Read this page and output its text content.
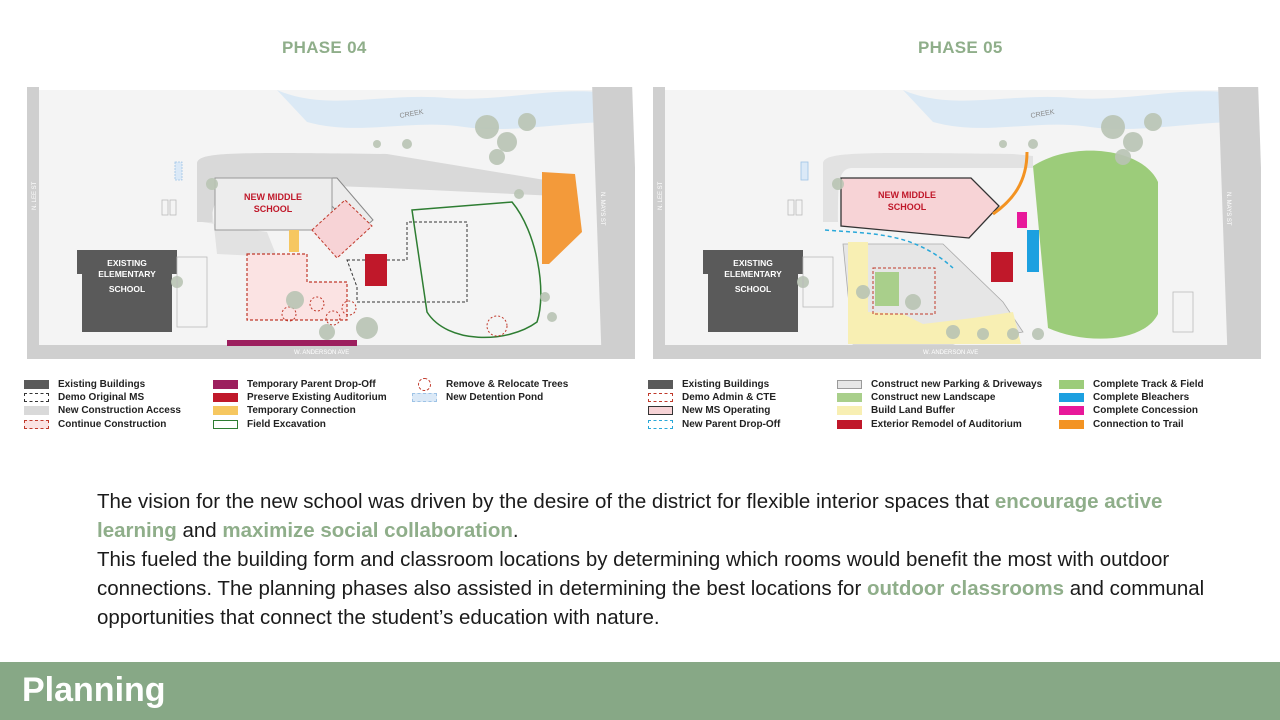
PHASE 04	PHASE 05
CREEK
N. LEE ST	N. MAYS ST
W. ANDERSON AVE
EXISTING
ELEMENTARY
SCHOOL
NEW MIDDLE
SCHOOL
CREEK
N. LEE ST	N. MAYS ST
W. ANDERSON AVE
EXISTING
ELEMENTARY
SCHOOL
NEW MIDDLE
SCHOOL
Existing Buildings
Demo Original MS
New Construction Access
Continue Construction
Temporary Parent Drop-Off
Preserve Existing Auditorium
Temporary Connection
Field Excavation
Remove & Relocate Trees
New Detention Pond
Existing Buildings
Demo Admin & CTE
New MS Operating
New Parent Drop-Off
Construct new Parking & Driveways
Construct new Landscape
Build Land Buffer
Exterior Remodel of Auditorium
Complete Track & Field
Complete Bleachers
Complete Concession
Connection to Trail
The vision for the new school was driven by the desire of the district for flexible interior spaces that encourage active learning and maximize social collaboration.
This fueled the building form and classroom locations by determining which rooms would benefit the most with outdoor connections. The planning phases also assisted in determining the best locations for outdoor classrooms and communal opportunities that connect the student’s education with nature.
Planning
